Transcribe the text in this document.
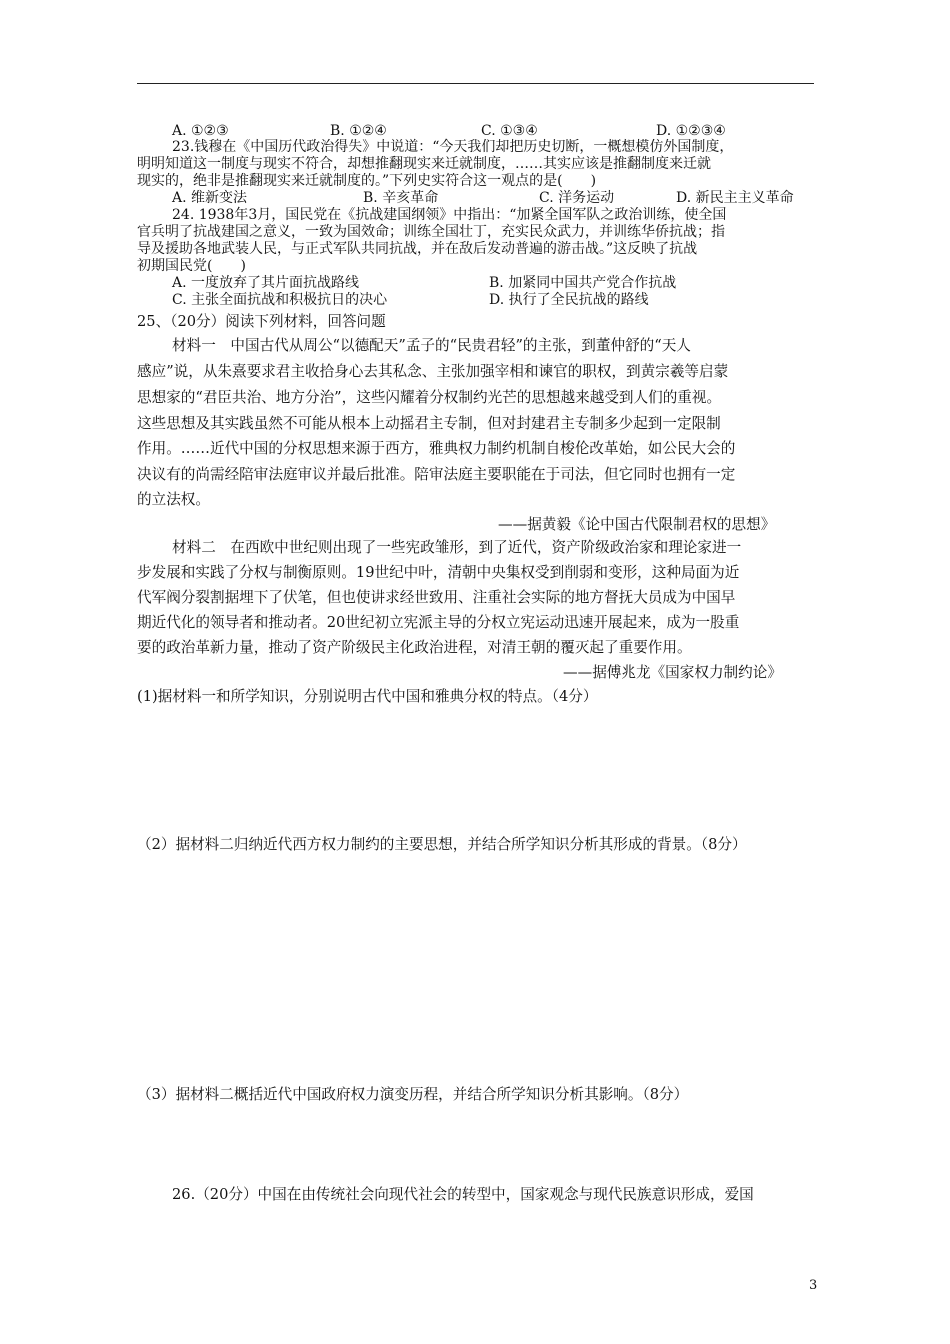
A. ①②③	B. ①②④	C. ①③④	D. ①②③④
23.钱穆在《中国历代政治得失》中说道：“今天我们却把历史切断，一概想模仿外国制度，
明明知道这一制度与现实不符合，却想推翻现实来迁就制度，……其实应该是推翻制度来迁就
现实的，绝非是推翻现实来迁就制度的。”下列史实符合这一观点的是(　　)
A. 维新变法	B. 辛亥革命	C. 洋务运动	D. 新民主主义革命
24. 1938年3月，国民党在《抗战建国纲领》中指出：“加紧全国军队之政治训练，使全国
官兵明了抗战建国之意义，一致为国效命；训练全国壮丁，充实民众武力，并训练华侨抗战；指
导及援助各地武装人民，与正式军队共同抗战，并在敌后发动普遍的游击战。”这反映了抗战
初期国民党(　　)
A. 一度放弃了其片面抗战路线	B. 加紧同中国共产党合作抗战
C. 主张全面抗战和积极抗日的决心	D. 执行了全民抗战的路线
25、（20分）阅读下列材料，回答问题
材料一　中国古代从周公“以德配天”孟子的“民贵君轻”的主张，到董仲舒的“天人
感应”说，从朱熹要求君主收拾身心去其私念、主张加强宰相和谏官的职权，到黄宗羲等启蒙
思想家的“君臣共治、地方分治”，这些闪耀着分权制约光芒的思想越来越受到人们的重视。
这些思想及其实践虽然不可能从根本上动摇君主专制，但对封建君主专制多少起到一定限制
作用。……近代中国的分权思想来源于西方，雅典权力制约机制自梭伦改革始，如公民大会的
决议有的尚需经陪审法庭审议并最后批准。陪审法庭主要职能在于司法，但它同时也拥有一定
的立法权。
——据黄毅《论中国古代限制君权的思想》
材料二　在西欧中世纪则出现了一些宪政雏形，到了近代，资产阶级政治家和理论家进一
步发展和实践了分权与制衡原则。19世纪中叶，清朝中央集权受到削弱和变形，这种局面为近
代军阀分裂割据埋下了伏笔，但也使讲求经世致用、注重社会实际的地方督抚大员成为中国早
期近代化的领导者和推动者。20世纪初立宪派主导的分权立宪运动迅速开展起来，成为一股重
要的政治革新力量，推动了资产阶级民主化政治进程，对清王朝的覆灭起了重要作用。
——据傅兆龙《国家权力制约论》
(1)据材料一和所学知识，分别说明古代中国和雅典分权的特点。（4分）
（2）据材料二归纳近代西方权力制约的主要思想，并结合所学知识分析其形成的背景。（8分）
（3）据材料二概括近代中国政府权力演变历程，并结合所学知识分析其影响。（8分）
26.（20分）中国在由传统社会向现代社会的转型中，国家观念与现代民族意识形成，爱国
3
